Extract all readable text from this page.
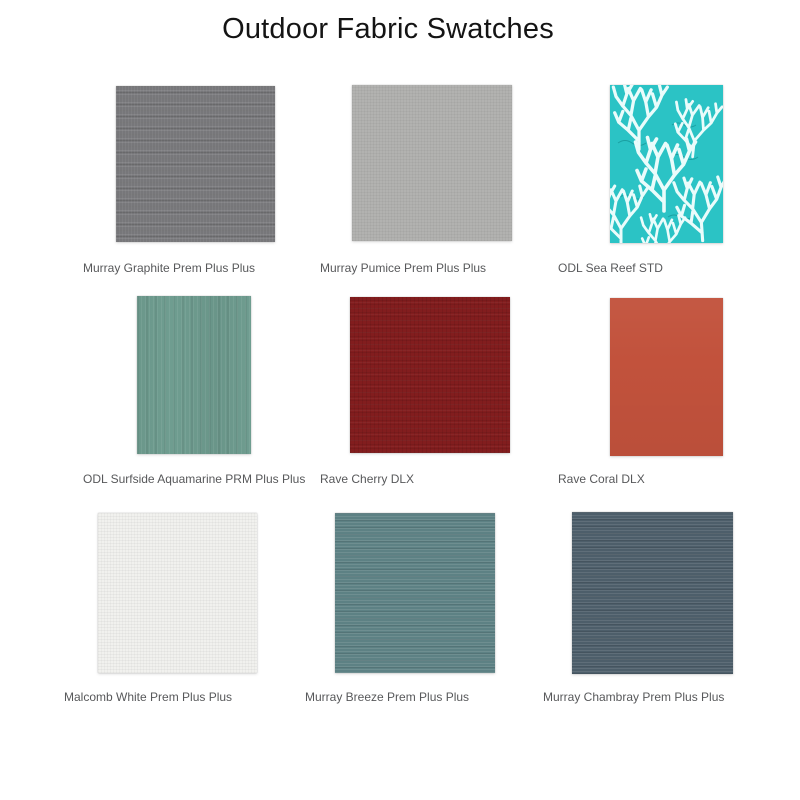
Outdoor Fabric Swatches
Murray Graphite Prem Plus Plus	Murray Pumice Prem Plus Plus	ODL Sea Reef STD
ODL Surfside Aquamarine PRM Plus Plus Rave Cherry DLX	Rave Coral DLX
Malcomb White Prem Plus Plus	Murray Breeze Prem Plus Plus	Murray Chambray Prem Plus Plus
